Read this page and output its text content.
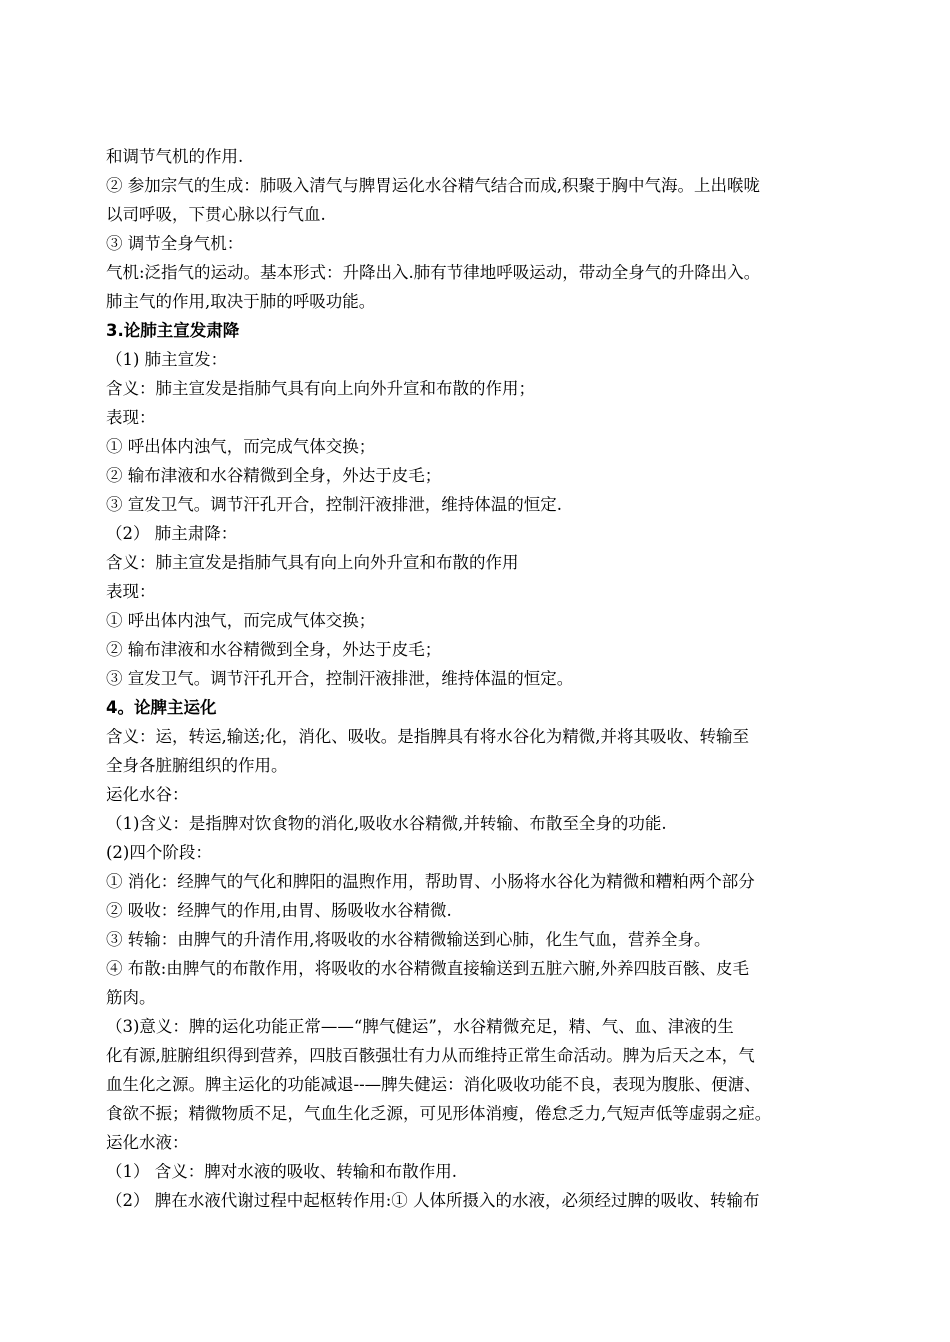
和调节气机的作用.
② 参加宗气的生成：肺吸入清气与脾胃运化水谷精气结合而成,积聚于胸中气海。上出喉咙
以司呼吸，下贯心脉以行气血.
③ 调节全身气机：
气机:泛指气的运动。基本形式：升降出入.肺有节律地呼吸运动，带动全身气的升降出入。
肺主气的作用,取决于肺的呼吸功能。
3.论肺主宣发肃降
（1) 肺主宣发：
含义：肺主宣发是指肺气具有向上向外升宣和布散的作用；
表现：
① 呼出体内浊气，而完成气体交换；
② 输布津液和水谷精微到全身，外达于皮毛；
③ 宣发卫气。调节汗孔开合，控制汗液排泄，维持体温的恒定.
（2） 肺主肃降：
含义：肺主宣发是指肺气具有向上向外升宣和布散的作用
表现：
① 呼出体内浊气，而完成气体交换；
② 输布津液和水谷精微到全身，外达于皮毛；
③ 宣发卫气。调节汗孔开合，控制汗液排泄，维持体温的恒定。
4。论脾主运化
含义：运，转运,输送;化，消化、吸收。是指脾具有将水谷化为精微,并将其吸收、转输至
全身各脏腑组织的作用。
运化水谷：
（1)含义：是指脾对饮食物的消化,吸收水谷精微,并转输、布散至全身的功能.
(2)四个阶段：
① 消化：经脾气的气化和脾阳的温煦作用，帮助胃、小肠将水谷化为精微和糟粕两个部分
② 吸收：经脾气的作用,由胃、肠吸收水谷精微.
③ 转输：由脾气的升清作用,将吸收的水谷精微输送到心肺，化生气血，营养全身。
④ 布散:由脾气的布散作用，将吸收的水谷精微直接输送到五脏六腑,外养四肢百骸、皮毛
筋肉。
（3)意义：脾的运化功能正常——“脾气健运”，水谷精微充足，精、气、血、津液的生
化有源,脏腑组织得到营养，四肢百骸强壮有力从而维持正常生命活动。脾为后天之本，气
血生化之源。脾主运化的功能减退--—脾失健运：消化吸收功能不良，表现为腹胀、便溏、
食欲不振；精微物质不足，气血生化乏源，可见形体消瘦，倦怠乏力,气短声低等虚弱之症。
运化水液：
（1） 含义：脾对水液的吸收、转输和布散作用.
（2） 脾在水液代谢过程中起枢转作用:① 人体所摄入的水液，必须经过脾的吸收、转输布
